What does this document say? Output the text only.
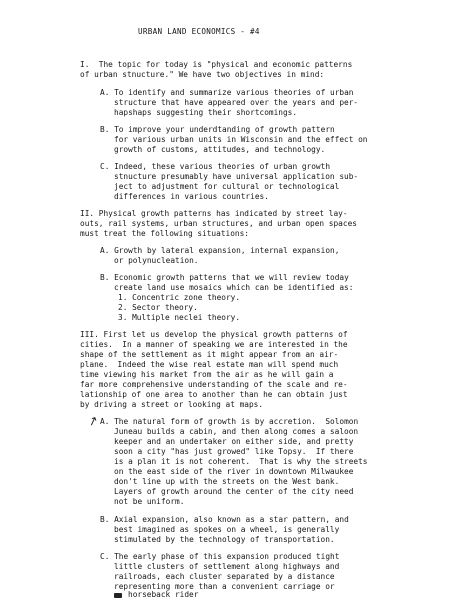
URBAN LAND ECONOMICS - #4
I.  The topic for today is "physical and economic patterns
of urban stnucture." We have two objectives in mind:
A. To identify and summarize various theories of urban
structure that have appeared over the years and per-
hapshaps suggesting their shortcomings.
B. To improve your underdtanding of growth pattern
for various urban units in Wisconsin and the effect on
growth of customs, attitudes, and technology.
C. Indeed, these various theories of urban growth
stnucture presumably have universal application sub-
ject to adjustment for cultural or technological
differences in various countries.
II. Physical growth patterns has indicated by street lay-
outs, rail systems, urban structures, and urban open spaces
must treat the following situations:
A. Growth by lateral expansion, internal expansion,
or polynucleation.
B. Economic growth patterns that we will review today
create land use mosaics which can be identified as:
1. Concentric zone theory.
2. Sector theory.
3. Multiple neclei theory.
III. First let us develop the physical growth patterns of
cities.  In a manner of speaking we are interested in the
shape of the settlement as it might appear from an air-
plane.  Indeed the wise real estate man will spend much
time viewing his market from the air as he will gain a
far more comprehensive understanding of the scale and re-
lationship of one area to another than he can obtain just
by driving a street or looking at maps.
↗ A. The natural form of growth is by accretion.  Solomon
Juneau builds a cabin, and then along comes a saloon
keeper and an undertaker on either side, and pretty
soon a city "has just growed" like Topsy.  If there
is a plan it is not coherent.  That is why the streets
on the east side of the river in downtown Milwaukee
don't line up with the streets on the West bank.
Layers of growth around the center of the city need
not be uniform.
B. Axial expansion, also known as a star pattern, and
best imagined as spokes on a wheel, is generally
stimulated by the technology of transportation.
C. The early phase of this expansion produced tight
little clusters of settlement along highways and
railroads, each cluster separated by a distance
representing more than a convenient carriage or
horseback rider
